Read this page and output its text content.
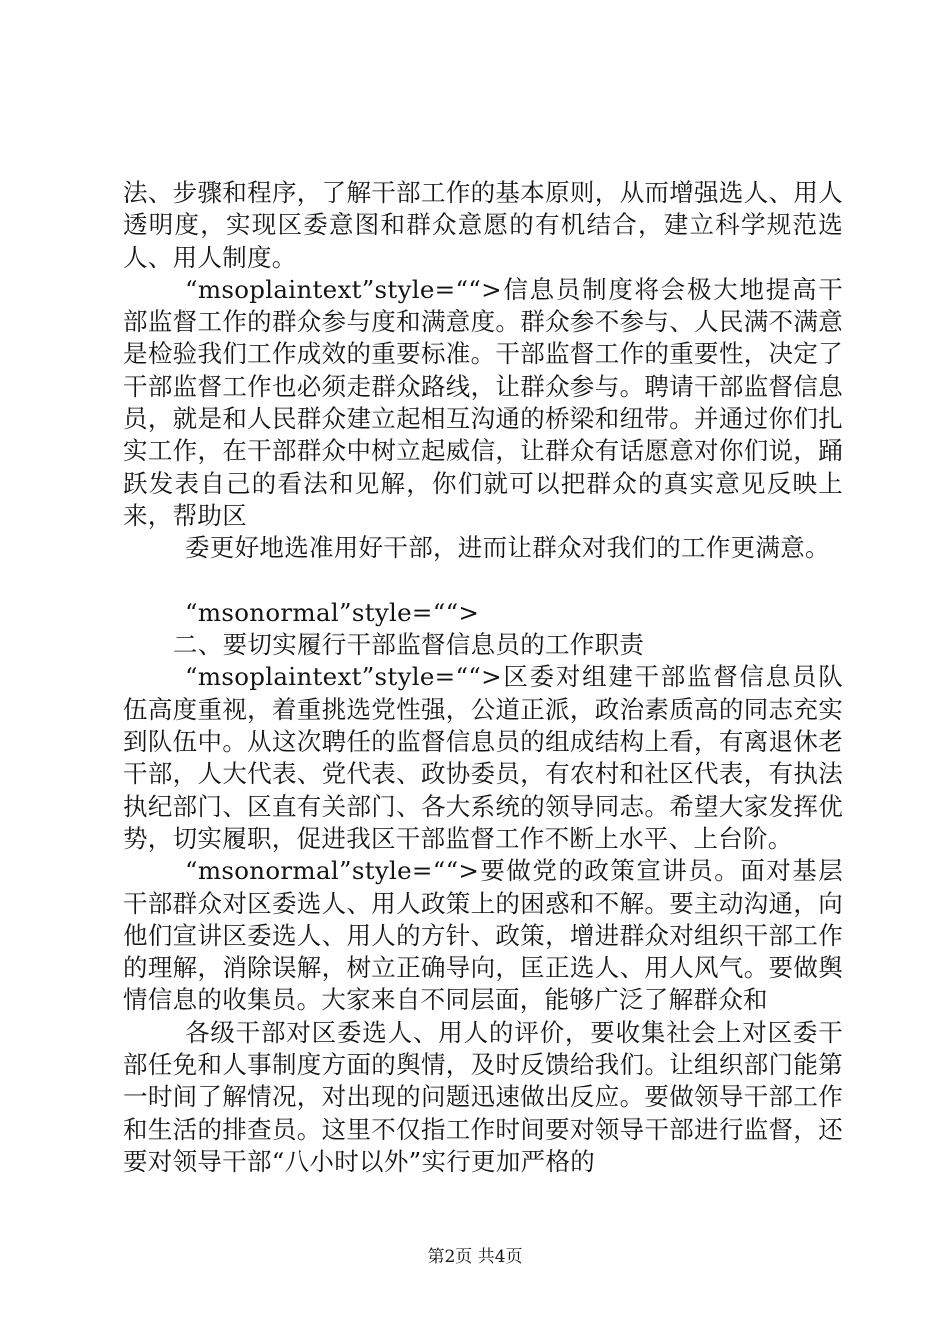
法、步骤和程序，了解干部工作的基本原则，从而增强选人、用人透明度，实现区委意图和群众意愿的有机结合，建立科学规范选人、用人制度。

“msoplaintext”style=““>信息员制度将会极大地提高干部监督工作的群众参与度和满意度。群众参不参与、人民满不满意是检验我们工作成效的重要标准。干部监督工作的重要性，决定了干部监督工作也必须走群众路线，让群众参与。聘请干部监督信息员，就是和人民群众建立起相互沟通的桥梁和纽带。并通过你们扎实工作，在干部群众中树立起威信，让群众有话愿意对你们说，踊跃发表自己的看法和见解，你们就可以把群众的真实意见反映上来，帮助区

委更好地选准用好干部，进而让群众对我们的工作更满意。

“msonormal”style=““>

二、要切实履行干部监督信息员的工作职责

“msoplaintext”style=““>区委对组建干部监督信息员队伍高度重视，着重挑选党性强，公道正派，政治素质高的同志充实到队伍中。从这次聘任的监督信息员的组成结构上看，有离退休老干部，人大代表、党代表、政协委员，有农村和社区代表，有执法执纪部门、区直有关部门、各大系统的领导同志。希望大家发挥优势，切实履职，促进我区干部监督工作不断上水平、上台阶。

“msonormal”style=““>要做党的政策宣讲员。面对基层干部群众对区委选人、用人政策上的困惑和不解。要主动沟通，向他们宣讲区委选人、用人的方针、政策，增进群众对组织干部工作的理解，消除误解，树立正确导向，匡正选人、用人风气。要做舆情信息的收集员。大家来自不同层面，能够广泛了解群众和

各级干部对区委选人、用人的评价，要收集社会上对区委干部任免和人事制度方面的舆情，及时反馈给我们。让组织部门能第一时间了解情况，对出现的问题迅速做出反应。要做领导干部工作和生活的排查员。这里不仅指工作时间要对领导干部进行监督，还要对领导干部“八小时以外”实行更加严格的

第2页 共4页
